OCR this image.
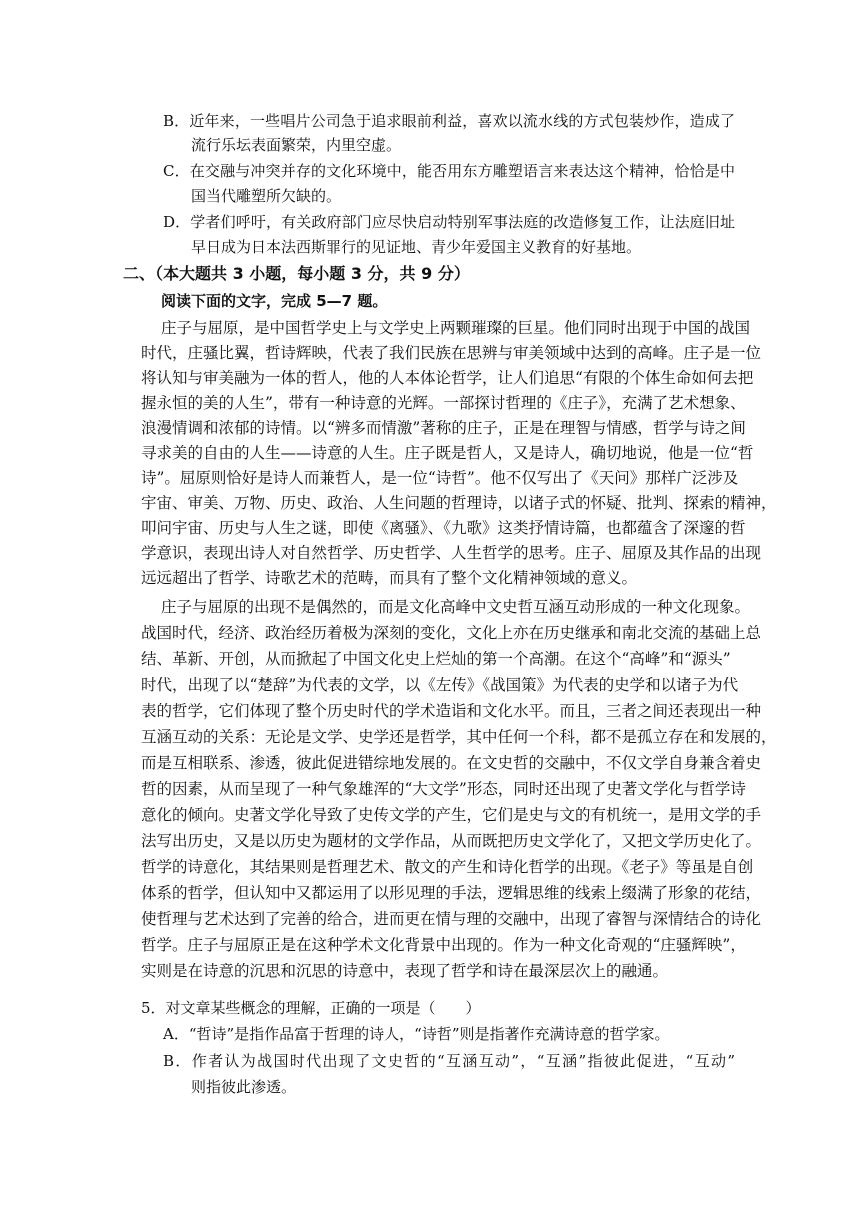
B．近年来，一些唱片公司急于追求眼前利益，喜欢以流水线的方式包装炒作，造成了
流行乐坛表面繁荣，内里空虚。
C．在交融与冲突并存的文化环境中，能否用东方雕塑语言来表达这个精神，恰恰是中
国当代雕塑所欠缺的。
D．学者们呼吁，有关政府部门应尽快启动特别军事法庭的改造修复工作，让法庭旧址
早日成为日本法西斯罪行的见证地、青少年爱国主义教育的好基地。
二、（本大题共 3 小题，每小题 3 分，共 9 分）
阅读下面的文字，完成 5—7 题。
庄子与屈原，是中国哲学史上与文学史上两颗璀璨的巨星。他们同时出现于中国的战国
时代，庄骚比翼，哲诗辉映，代表了我们民族在思辨与审美领域中达到的高峰。庄子是一位
将认知与审美融为一体的哲人，他的人本体论哲学，让人们追思“有限的个体生命如何去把
握永恒的美的人生”，带有一种诗意的光辉。一部探讨哲理的《庄子》，充满了艺术想象、
浪漫情调和浓郁的诗情。以“辨多而情激”著称的庄子，正是在理智与情感，哲学与诗之间
寻求美的自由的人生——诗意的人生。庄子既是哲人，又是诗人，确切地说，他是一位“哲
诗”。屈原则恰好是诗人而兼哲人，是一位“诗哲”。他不仅写出了《天问》那样广泛涉及
宇宙、审美、万物、历史、政治、人生问题的哲理诗，以诸子式的怀疑、批判、探索的精神，
叩问宇宙、历史与人生之谜，即使《离骚》、《九歌》这类抒情诗篇，也都蕴含了深邃的哲
学意识，表现出诗人对自然哲学、历史哲学、人生哲学的思考。庄子、屈原及其作品的出现
远远超出了哲学、诗歌艺术的范畴，而具有了整个文化精神领域的意义。
庄子与屈原的出现不是偶然的，而是文化高峰中文史哲互涵互动形成的一种文化现象。
战国时代，经济、政治经历着极为深刻的变化，文化上亦在历史继承和南北交流的基础上总
结、革新、开创，从而掀起了中国文化史上烂灿的第一个高潮。在这个“高峰”和“源头”
时代，出现了以“楚辞”为代表的文学，以《左传》《战国策》为代表的史学和以诸子为代
表的哲学，它们体现了整个历史时代的学术造诣和文化水平。而且，三者之间还表现出一种
互涵互动的关系：无论是文学、史学还是哲学，其中任何一个科，都不是孤立存在和发展的，
而是互相联系、渗透，彼此促进错综地发展的。在文史哲的交融中，不仅文学自身兼含着史
哲的因素，从而呈现了一种气象雄浑的“大文学”形态，同时还出现了史著文学化与哲学诗
意化的倾向。史著文学化导致了史传文学的产生，它们是史与文的有机统一，是用文学的手
法写出历史，又是以历史为题材的文学作品，从而既把历史文学化了，又把文学历史化了。
哲学的诗意化，其结果则是哲理艺术、散文的产生和诗化哲学的出现。《老子》等虽是自创
体系的哲学，但认知中又都运用了以形见理的手法，逻辑思维的线索上缀满了形象的花结，
使哲理与艺术达到了完善的给合，进而更在情与理的交融中，出现了睿智与深情结合的诗化
哲学。庄子与屈原正是在这种学术文化背景中出现的。作为一种文化奇观的“庄骚辉映”，
实则是在诗意的沉思和沉思的诗意中，表现了哲学和诗在最深层次上的融通。
5．对文章某些概念的理解，正确的一项是（　　）
A．“哲诗”是指作品富于哲理的诗人，“诗哲”则是指著作充满诗意的哲学家。
B．作者认为战国时代出现了文史哲的“互涵互动”，“互涵”指彼此促进，“互动”
则指彼此渗透。
